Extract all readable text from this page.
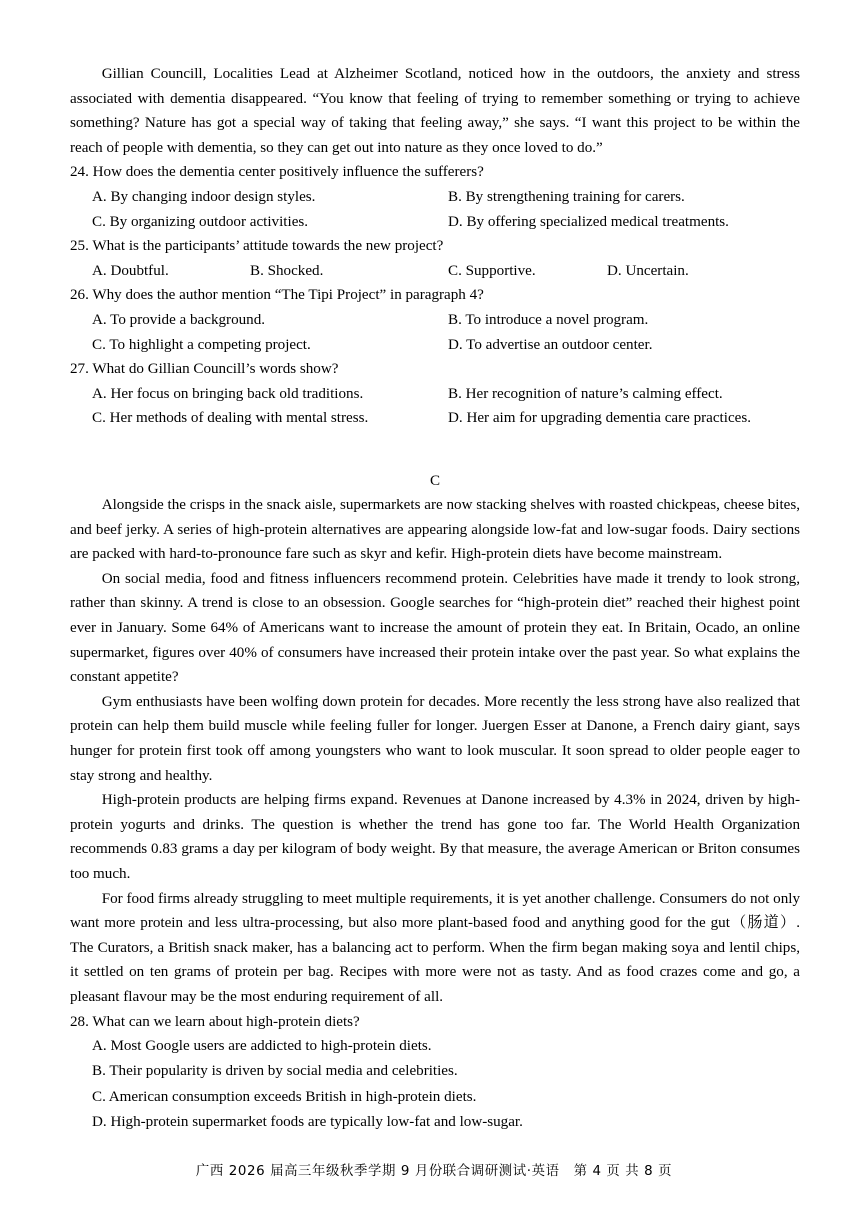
Gillian Councill, Localities Lead at Alzheimer Scotland, noticed how in the outdoors, the anxiety and stress associated with dementia disappeared. “You know that feeling of trying to remember something or trying to achieve something? Nature has got a special way of taking that feeling away,” she says. “I want this project to be within the reach of people with dementia, so they can get out into nature as they once loved to do.”

24. How does the dementia center positively influence the sufferers?

A. By changing indoor design styles.	B. By strengthening training for carers.
C. By organizing outdoor activities.	D. By offering specialized medical treatments.

25. What is the participants’ attitude towards the new project?

A. Doubtful.	B. Shocked.	C. Supportive.	D. Uncertain.

26. Why does the author mention “The Tipi Project” in paragraph 4?

A. To provide a background.	B. To introduce a novel program.
C. To highlight a competing project.	D. To advertise an outdoor center.

27. What do Gillian Councill’s words show?

A. Her focus on bringing back old traditions.	B. Her recognition of nature’s calming effect.
C. Her methods of dealing with mental stress.	D. Her aim for upgrading dementia care practices.

C

Alongside the crisps in the snack aisle, supermarkets are now stacking shelves with roasted chickpeas, cheese bites, and beef jerky. A series of high-protein alternatives are appearing alongside low-fat and low-sugar foods. Dairy sections are packed with hard-to-pronounce fare such as skyr and kefir. High-protein diets have become mainstream.

On social media, food and fitness influencers recommend protein. Celebrities have made it trendy to look strong, rather than skinny. A trend is close to an obsession. Google searches for “high-protein diet” reached their highest point ever in January. Some 64% of Americans want to increase the amount of protein they eat. In Britain, Ocado, an online supermarket, figures over 40% of consumers have increased their protein intake over the past year. So what explains the constant appetite?

Gym enthusiasts have been wolfing down protein for decades. More recently the less strong have also realized that protein can help them build muscle while feeling fuller for longer. Juergen Esser at Danone, a French dairy giant, says hunger for protein first took off among youngsters who want to look muscular. It soon spread to older people eager to stay strong and healthy.

High-protein products are helping firms expand. Revenues at Danone increased by 4.3% in 2024, driven by high-protein yogurts and drinks. The question is whether the trend has gone too far. The World Health Organization recommends 0.83 grams a day per kilogram of body weight. By that measure, the average American or Briton consumes too much.

For food firms already struggling to meet multiple requirements, it is yet another challenge. Consumers do not only want more protein and less ultra-processing, but also more plant-based food and anything good for the gut（肠道）. The Curators, a British snack maker, has a balancing act to perform. When the firm began making soya and lentil chips, it settled on ten grams of protein per bag. Recipes with more were not as tasty. And as food crazes come and go, a pleasant flavour may be the most enduring requirement of all.

28. What can we learn about high-protein diets?

A. Most Google users are addicted to high-protein diets.

B. Their popularity is driven by social media and celebrities.

C. American consumption exceeds British in high-protein diets.

D. High-protein supermarket foods are typically low-fat and low-sugar.

广西 2026 届高三年级秋季学期 9 月份联合调研测试·英语 第 4 页 共 8 页
